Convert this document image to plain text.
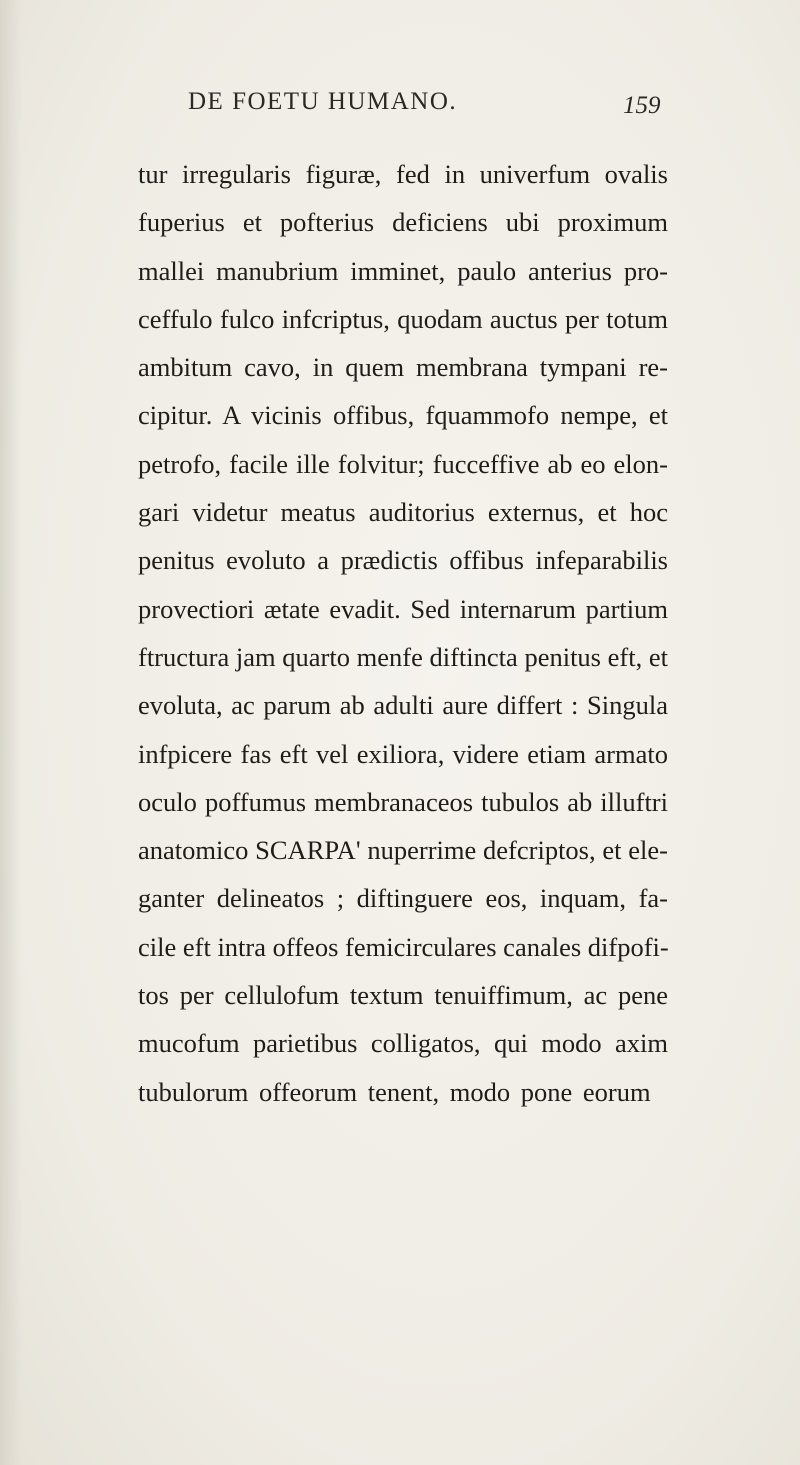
DE FOETU HUMANO.	159
tur irregularis figuræ, fed in univerfum ovalis
fuperius et pofterius deficiens ubi proximum
mallei manubrium imminet, paulo anterius pro-
ceffulo fulco infcriptus, quodam auctus per totum
ambitum cavo, in quem membrana tympani re-
cipitur. A vicinis offibus, fquammofo nempe, et
petrofo, facile ille folvitur; fucceffive ab eo elon-
gari videtur meatus auditorius externus, et hoc
penitus evoluto a prædictis offibus infeparabilis
provectiori ætate evadit. Sed internarum partium
ftructura jam quarto menfe diftincta penitus eft, et
evoluta, ac parum ab adulti aure differt : Singula
infpicere fas eft vel exiliora, videre etiam armato
oculo poffumus membranaceos tubulos ab illuftri
anatomico SCARPA' nuperrime defcriptos, et ele-
ganter delineatos ; diftinguere eos, inquam, fa-
cile eft intra offeos femicirculares canales difpofi-
tos per cellulofum textum tenuiffimum, ac pene
mucofum parietibus colligatos, qui modo axim
tubulorum offeorum tenent, modo pone eorum
